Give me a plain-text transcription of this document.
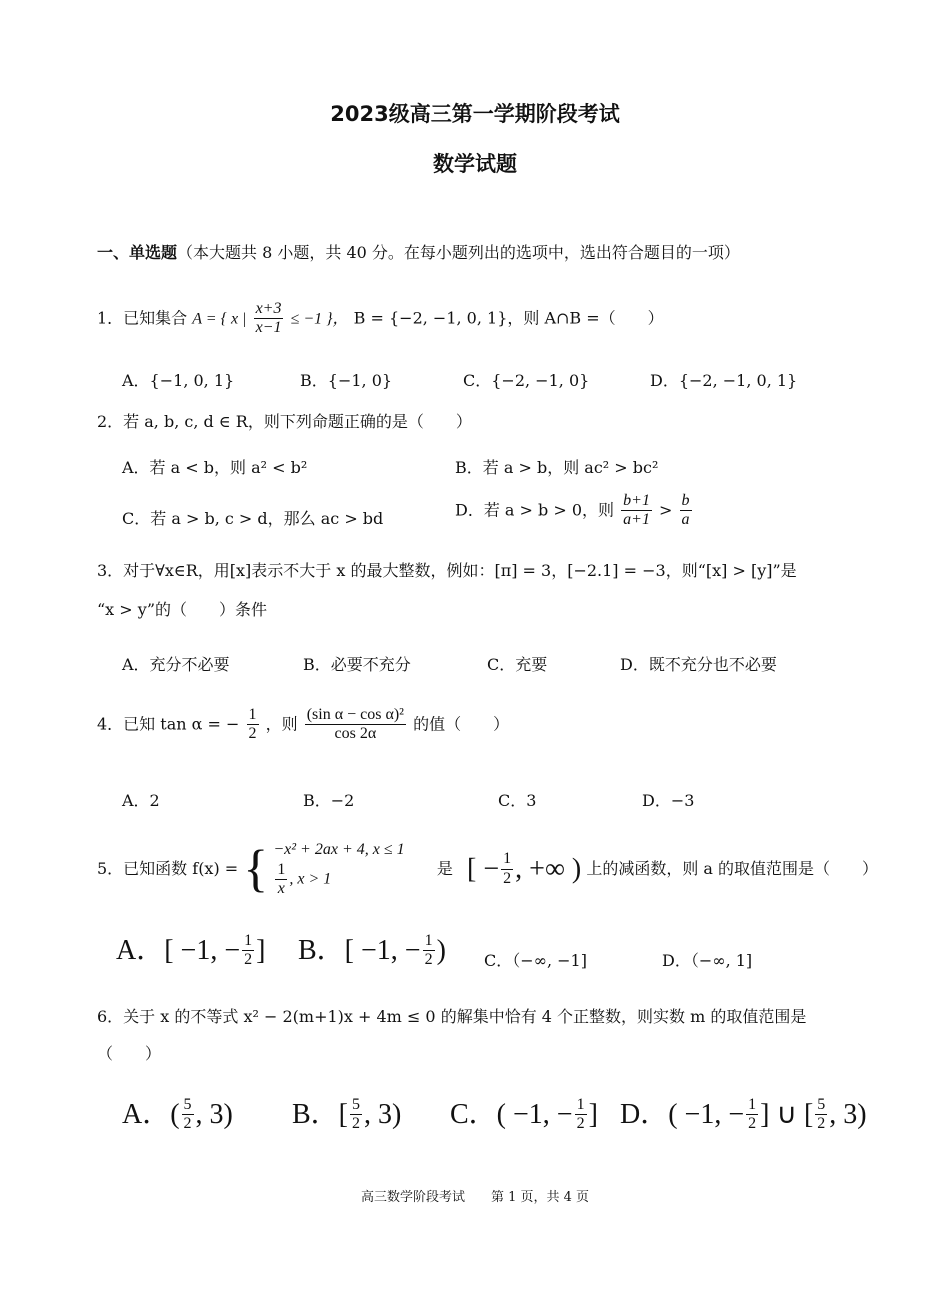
2023级高三第一学期阶段考试
数学试题
一、单选题（本大题共 8 小题，共 40 分。在每小题列出的选项中，选出符合题目的一项）
1．已知集合 A = { x | $\frac{x+3}{x-1} \le -1$ }， B = {−2, −1, 0, 1}，则 A∩B =（　　）
A．{−1, 0, 1}	B．{−1, 0}	C．{−2, −1, 0}	D．{−2, −1, 0, 1}
2．若 a, b, c, d ∈ R，则下列命题正确的是（　　）
A．若 a < b，则 a² < b²	B．若 a > b，则 ac² > bc²
C．若 a > b, c > d，那么 ac > bd	D．若 a > b > 0，则 $\frac{b+1}{a+1} > \frac{b}{a}$
3．对于∀x∈R，用[x]表示不大于 x 的最大整数，例如：[π] = 3，[−2.1] = −3，则“[x] > [y]”是
“x > y”的（　　）条件
A．充分不必要	B．必要不充分	C．充要	D．既不充分也不必要
4．已知 tan α = − $\frac{1}{2}$ ，则 $\frac{\text{(sin α − cos α)²}}{\cos 2\alpha}$ 的值（　　）
A．2	B．−2	C．3	D．−3
5．已知函数 f(x) = { −x² + 2ax + 4, x ≤ 1
$\frac{1}{x}$ , x > 1
是 [ − $\frac{1}{2}$ , +∞ ) 上的减函数，则 a 的取值范围是（　　）
A．[ −1, − $\frac{1}{2}$ ] B．[ −1, − $\frac{1}{2}$ ) C．（−∞, −1]	D．（−∞, 1]
6．关于 x 的不等式 x² − 2(m+1)x + 4m ≤ 0 的解集中恰有 4 个正整数，则实数 m 的取值范围是
（　　）
A．( $\frac{5}{2}$ , 3) B．[ $\frac{5}{2}$ , 3) C．( −1, − $\frac{1}{2}$ ] D．( −1, − $\frac{1}{2}$ ] ∪ [ $\frac{5}{2}$ , 3)
高三数学阶段考试　　第 1 页，共 4 页
